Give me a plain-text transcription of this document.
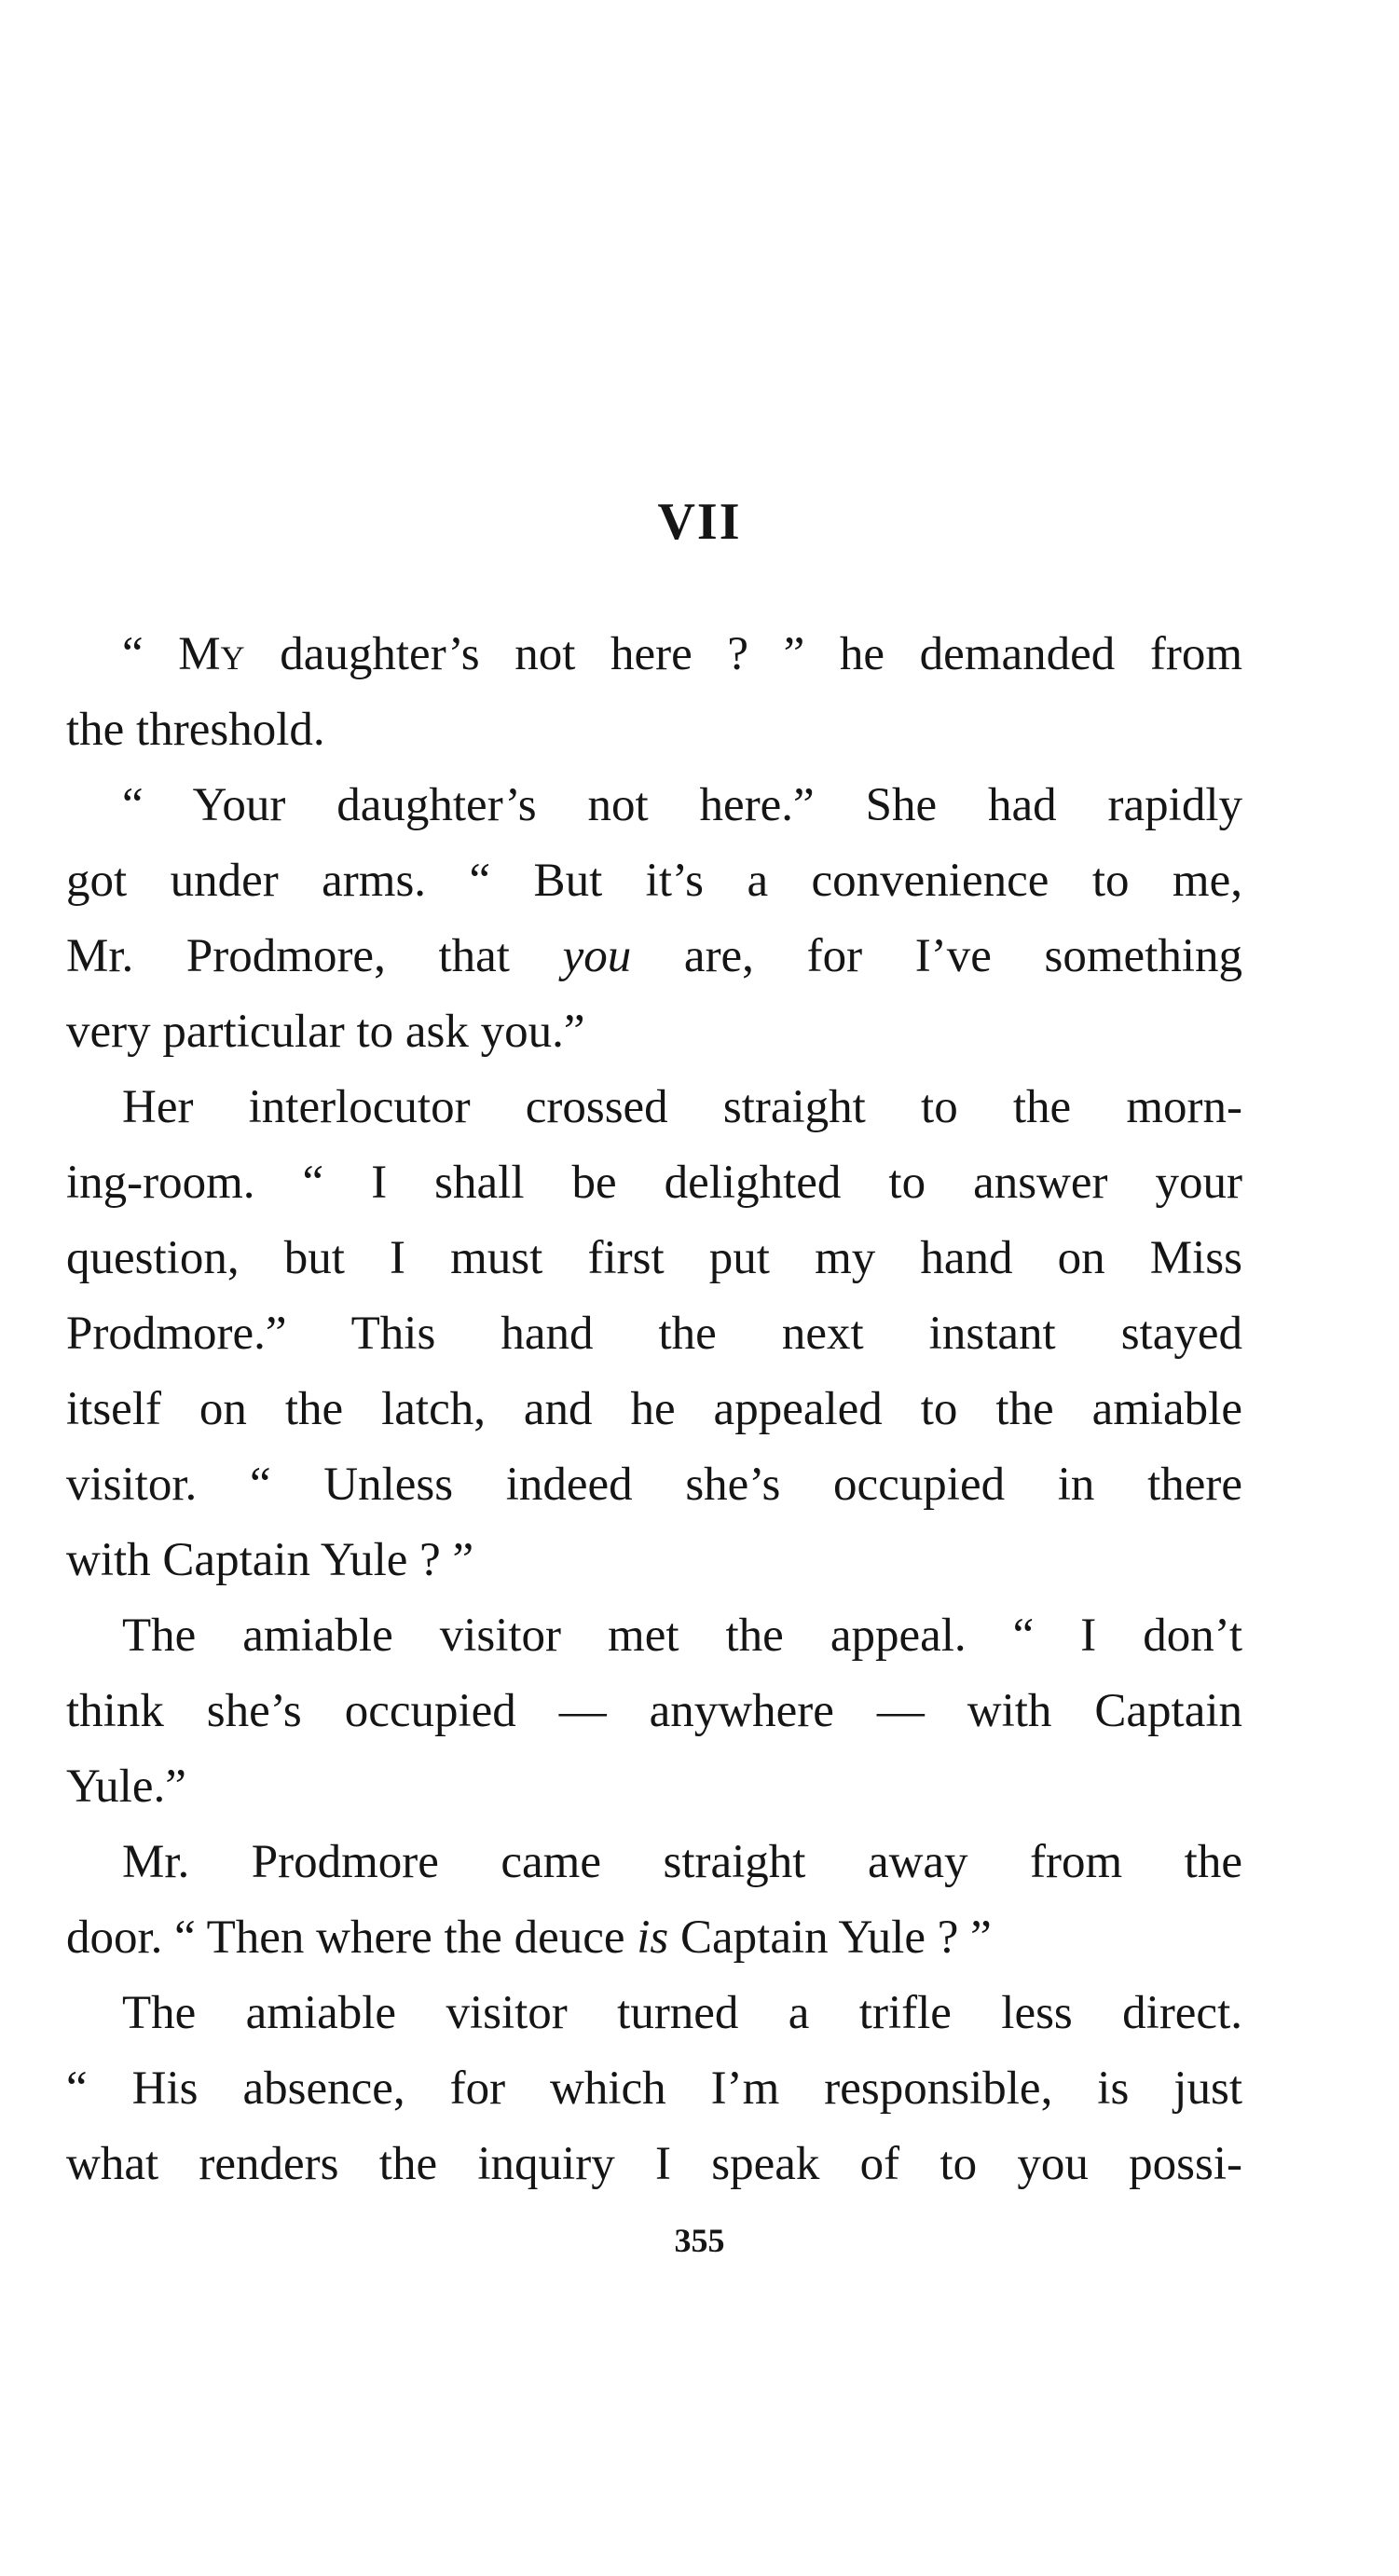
VII
“ My daughter’s not here ? ” he demanded from
the threshold.
“ Your daughter’s not here.” She had rapidly
got under arms. “ But it’s a convenience to me,
Mr. Prodmore, that you are, for I’ve something
very particular to ask you.”
Her interlocutor crossed straight to the morn-
ing-room. “ I shall be delighted to answer your
question, but I must first put my hand on Miss
Prodmore.” This hand the next instant stayed
itself on the latch, and he appealed to the amiable
visitor. “ Unless indeed she’s occupied in there
with Captain Yule ? ”
The amiable visitor met the appeal. “ I don’t
think she’s occupied — anywhere — with Captain
Yule.”
Mr. Prodmore came straight away from the
door. “ Then where the deuce is Captain Yule ? ”
The amiable visitor turned a trifle less direct.
“ His absence, for which I’m responsible, is just
what renders the inquiry I speak of to you possi-
355
